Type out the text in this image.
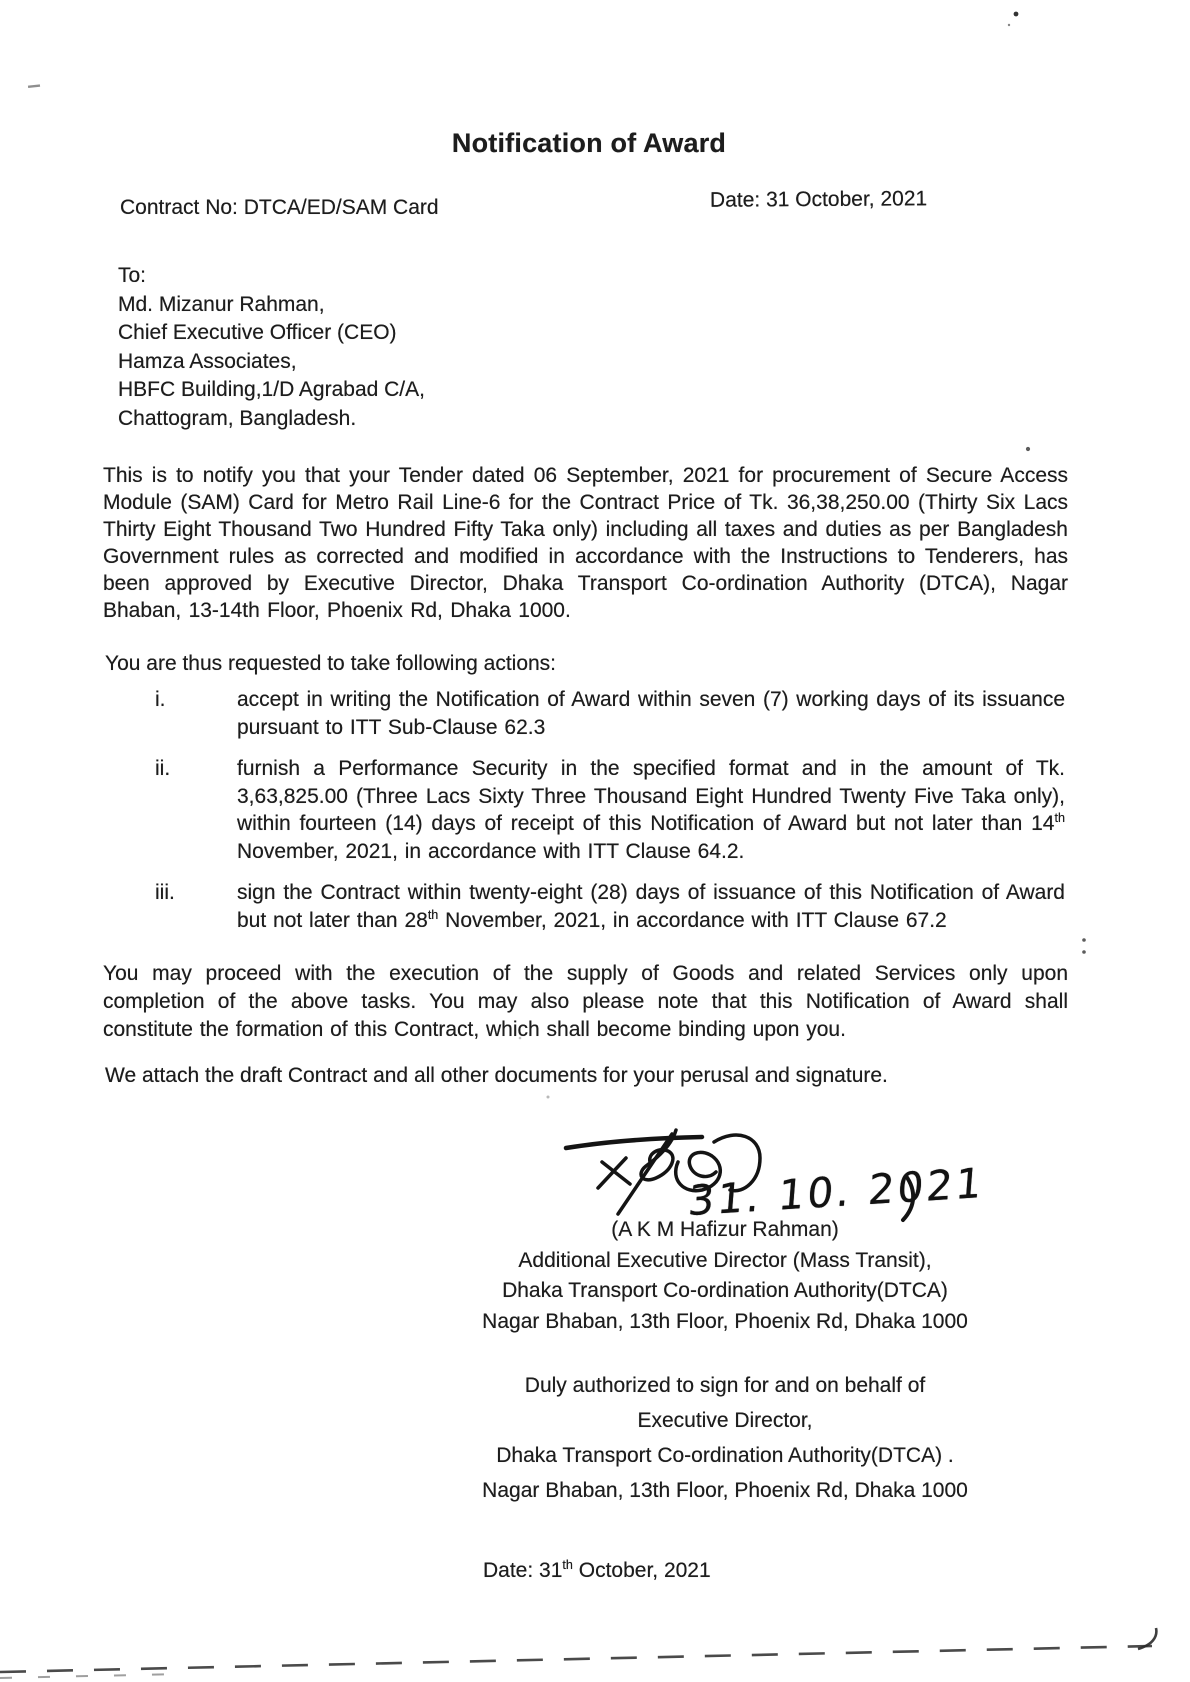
Notification of Award
Contract No: DTCA/ED/SAM Card	Date: 31 October, 2021
To:
Md. Mizanur Rahman,
Chief Executive Officer (CEO)
Hamza Associates,
HBFC Building,1/D Agrabad C/A,
Chattogram, Bangladesh.
This is to notify you that your Tender dated 06 September, 2021 for procurement of Secure Access Module (SAM) Card for Metro Rail Line-6 for the Contract Price of Tk. 36,38,250.00 (Thirty Six Lacs Thirty Eight Thousand Two Hundred Fifty Taka only) including all taxes and duties as per Bangladesh Government rules as corrected and modified in accordance with the Instructions to Tenderers, has been approved by Executive Director, Dhaka Transport Co-ordination Authority (DTCA), Nagar Bhaban, 13-14th Floor, Phoenix Rd, Dhaka 1000.
You are thus requested to take following actions:
i.	accept in writing the Notification of Award within seven (7) working days of its issuance pursuant to ITT Sub-Clause 62.3
ii.	furnish a Performance Security in the specified format and in the amount of Tk. 3,63,825.00 (Three Lacs Sixty Three Thousand Eight Hundred Twenty Five Taka only), within fourteen (14) days of receipt of this Notification of Award but not later than 14th November, 2021, in accordance with ITT Clause 64.2.
iii.	sign the Contract within twenty-eight (28) days of issuance of this Notification of Award but not later than 28th November, 2021, in accordance with ITT Clause 67.2
You may proceed with the execution of the supply of Goods and related Services only upon completion of the above tasks. You may also please note that this Notification of Award shall constitute the formation of this Contract, which shall become binding upon you.
We attach the draft Contract and all other documents for your perusal and signature.
31. 10. 2021
(A K M Hafizur Rahman)
Additional Executive Director (Mass Transit),
Dhaka Transport Co-ordination Authority(DTCA)
Nagar Bhaban, 13th Floor, Phoenix Rd, Dhaka 1000
Duly authorized to sign for and on behalf of
Executive Director,
Dhaka Transport Co-ordination Authority(DTCA) .
Nagar Bhaban, 13th Floor, Phoenix Rd, Dhaka 1000
Date: 31th October, 2021
